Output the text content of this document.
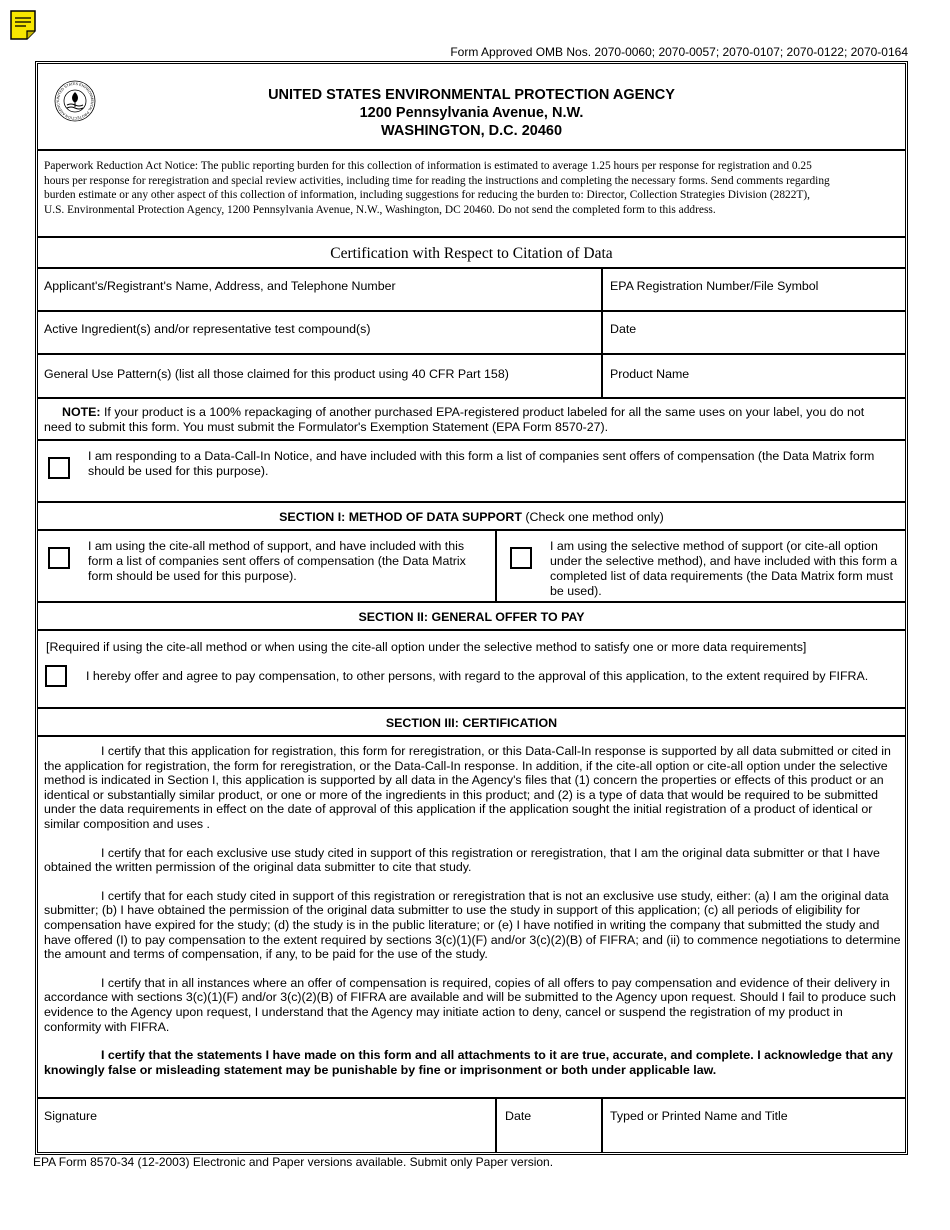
Form Approved OMB Nos. 2070-0060; 2070-0057; 2070-0107; 2070-0122; 2070-0164
UNITED STATES ENVIRONMENTAL PROTECTION AGENCY	UNITED STATES ENVIRONMENTAL PROTECTION AGENCY
1200 Pennsylvania Avenue, N.W.
WASHINGTON, D.C. 20460
Paperwork Reduction Act Notice: The public reporting burden for this collection of information is estimated to average 1.25 hours per response for registration and 0.25 hours per response for reregistration and special review activities, including time for reading the instructions and completing the necessary forms. Send comments regarding burden estimate or any other aspect of this collection of information, including suggestions for reducing the burden to: Director, Collection Strategies Division (2822T), U.S. Environmental Protection Agency, 1200 Pennsylvania Avenue, N.W., Washington, DC 20460. Do not send the completed form to this address.
Certification with Respect to Citation of Data
Applicant's/Registrant's Name, Address, and Telephone Number	EPA Registration Number/File Symbol
Active Ingredient(s) and/or representative test compound(s)	Date
General Use Pattern(s) (list all those claimed for this product using 40 CFR Part 158)	Product Name
NOTE: If your product is a 100% repackaging of another purchased EPA-registered product labeled for all the same uses on your label, you do not need to submit this form. You must submit the Formulator's Exemption Statement (EPA Form 8570-27).
I am responding to a Data-Call-In Notice, and have included with this form a list of companies sent offers of compensation (the Data Matrix form should be used for this purpose).
SECTION I: METHOD OF DATA SUPPORT (Check one method only)
I am using the cite-all method of support, and have included with this form a list of companies sent offers of compensation (the Data Matrix form should be used for this purpose).
I am using the selective method of support (or cite-all option under the selective method), and have included with this form a completed list of data requirements (the Data Matrix form must be used).
SECTION II: GENERAL OFFER TO PAY
[Required if using the cite-all method or when using the cite-all option under the selective method to satisfy one or more data requirements]
I hereby offer and agree to pay compensation, to other persons, with regard to the approval of this application, to the extent required by FIFRA.
SECTION III: CERTIFICATION

I certify that this application for registration, this form for reregistration, or this Data-Call-In response is supported by all data submitted or cited in the application for registration, the form for reregistration, or the Data-Call-In response. In addition, if the cite-all option or cite-all option under the selective method is indicated in Section I, this application is supported by all data in the Agency's files that (1) concern the properties or effects of this product or an identical or substantially similar product, or one or more of the ingredients in this product; and (2) is a type of data that would be required to be submitted under the data requirements in effect on the date of approval of this application if the application sought the initial registration of a product of identical or similar composition and uses .

I certify that for each exclusive use study cited in support of this registration or reregistration, that I am the original data submitter or that I have obtained the written permission of the original data submitter to cite that study.

I certify that for each study cited in support of this registration or reregistration that is not an exclusive use study, either: (a) I am the original data submitter; (b) I have obtained the permission of the original data submitter to use the study in support of this application; (c) all periods of eligibility for compensation have expired for the study; (d) the study is in the public literature; or (e) I have notified in writing the company that submitted the study and have offered (I) to pay compensation to the extent required by sections 3(c)(1)(F) and/or 3(c)(2)(B) of FIFRA; and (ii) to commence negotiations to determine the amount and terms of compensation, if any, to be paid for the use of the study.

I certify that in all instances where an offer of compensation is required, copies of all offers to pay compensation and evidence of their delivery in accordance with sections 3(c)(1)(F) and/or 3(c)(2)(B) of FIFRA are available and will be submitted to the Agency upon request. Should I fail to produce such evidence to the Agency upon request, I understand that the Agency may initiate action to deny, cancel or suspend the registration of my product in conformity with FIFRA.

I certify that the statements I have made on this form and all attachments to it are true, accurate, and complete. I acknowledge that any knowingly false or misleading statement may be punishable by fine or imprisonment or both under applicable law.

Signature	Date	Typed or Printed Name and Title
EPA Form 8570-34 (12-2003) Electronic and Paper versions available. Submit only Paper version.
